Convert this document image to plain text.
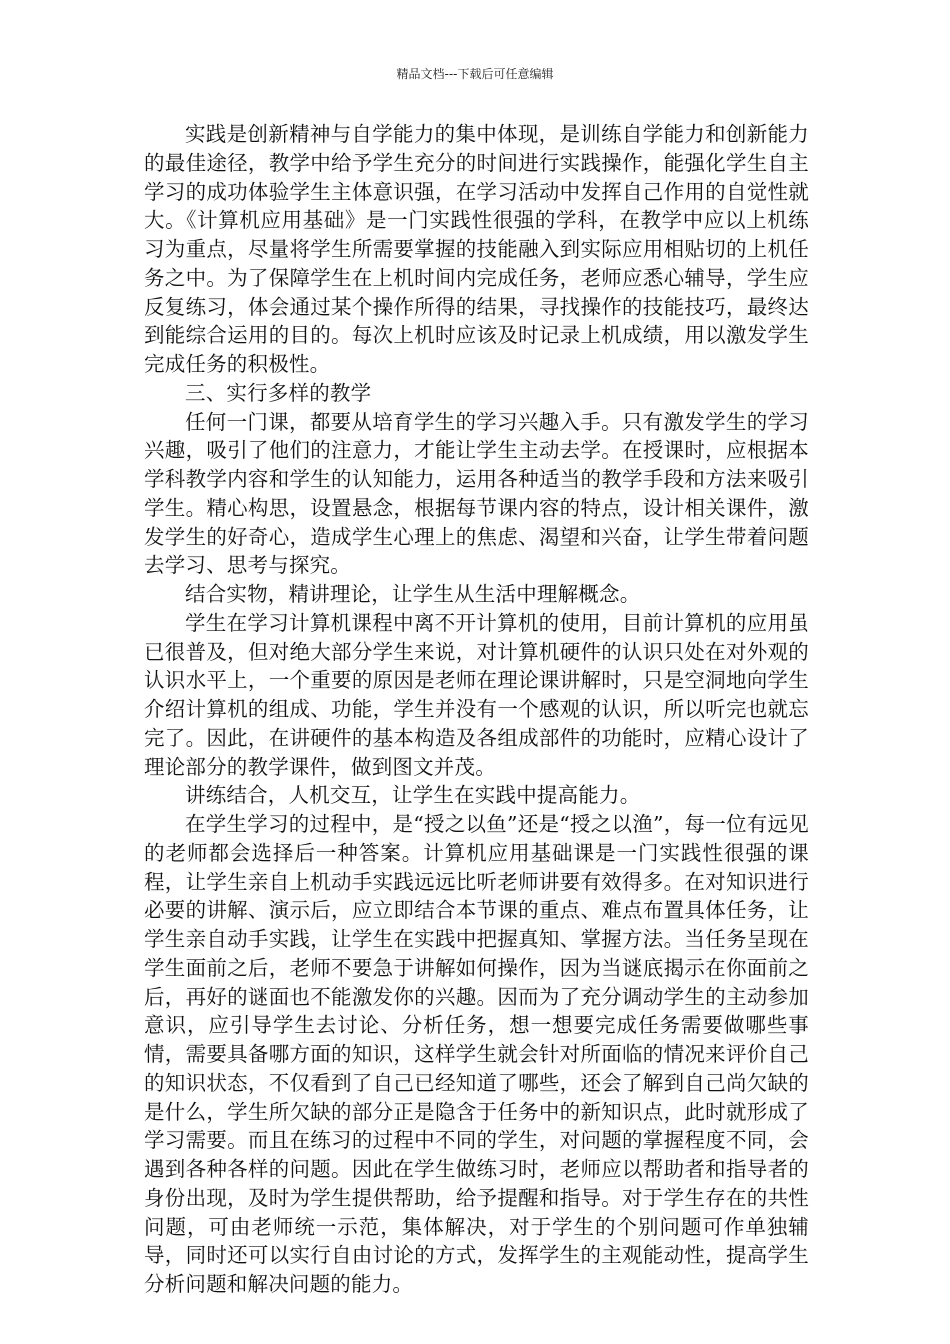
精品文档---下载后可任意编辑

实践是创新精神与自学能力的集中体现，是训练自学能力和创新能力的最佳途径，教学中给予学生充分的时间进行实践操作，能强化学生自主学习的成功体验学生主体意识强，在学习活动中发挥自己作用的自觉性就大。《计算机应用基础》是一门实践性很强的学科，在教学中应以上机练习为重点，尽量将学生所需要掌握的技能融入到实际应用相贴切的上机任务之中。为了保障学生在上机时间内完成任务，老师应悉心辅导，学生应反复练习，体会通过某个操作所得的结果，寻找操作的技能技巧，最终达到能综合运用的目的。每次上机时应该及时记录上机成绩，用以激发学生完成任务的积极性。

三、实行多样的教学

任何一门课，都要从培育学生的学习兴趣入手。只有激发学生的学习兴趣，吸引了他们的注意力，才能让学生主动去学。在授课时，应根据本学科教学内容和学生的认知能力，运用各种适当的教学手段和方法来吸引学生。精心构思，设置悬念，根据每节课内容的特点，设计相关课件，激发学生的好奇心，造成学生心理上的焦虑、渴望和兴奋，让学生带着问题去学习、思考与探究。

结合实物，精讲理论，让学生从生活中理解概念。

学生在学习计算机课程中离不开计算机的使用，目前计算机的应用虽已很普及，但对绝大部分学生来说，对计算机硬件的认识只处在对外观的认识水平上，一个重要的原因是老师在理论课讲解时，只是空洞地向学生介绍计算机的组成、功能，学生并没有一个感观的认识，所以听完也就忘完了。因此，在讲硬件的基本构造及各组成部件的功能时，应精心设计了理论部分的教学课件，做到图文并茂。

讲练结合，人机交互，让学生在实践中提高能力。

在学生学习的过程中，是“授之以鱼”还是“授之以渔”，每一位有远见的老师都会选择后一种答案。计算机应用基础课是一门实践性很强的课程，让学生亲自上机动手实践远远比听老师讲要有效得多。在对知识进行必要的讲解、演示后，应立即结合本节课的重点、难点布置具体任务，让学生亲自动手实践，让学生在实践中把握真知、掌握方法。当任务呈现在学生面前之后，老师不要急于讲解如何操作，因为当谜底揭示在你面前之后，再好的谜面也不能激发你的兴趣。因而为了充分调动学生的主动参加意识，应引导学生去讨论、分析任务，想一想要完成任务需要做哪些事情，需要具备哪方面的知识，这样学生就会针对所面临的情况来评价自己的知识状态，不仅看到了自己已经知道了哪些，还会了解到自己尚欠缺的是什么，学生所欠缺的部分正是隐含于任务中的新知识点，此时就形成了学习需要。而且在练习的过程中不同的学生，对问题的掌握程度不同，会遇到各种各样的问题。因此在学生做练习时，老师应以帮助者和指导者的身份出现，及时为学生提供帮助，给予提醒和指导。对于学生存在的共性问题，可由老师统一示范，集体解决，对于学生的个别问题可作单独辅导，同时还可以实行自由讨论的方式，发挥学生的主观能动性，提高学生分析问题和解决问题的能力。
